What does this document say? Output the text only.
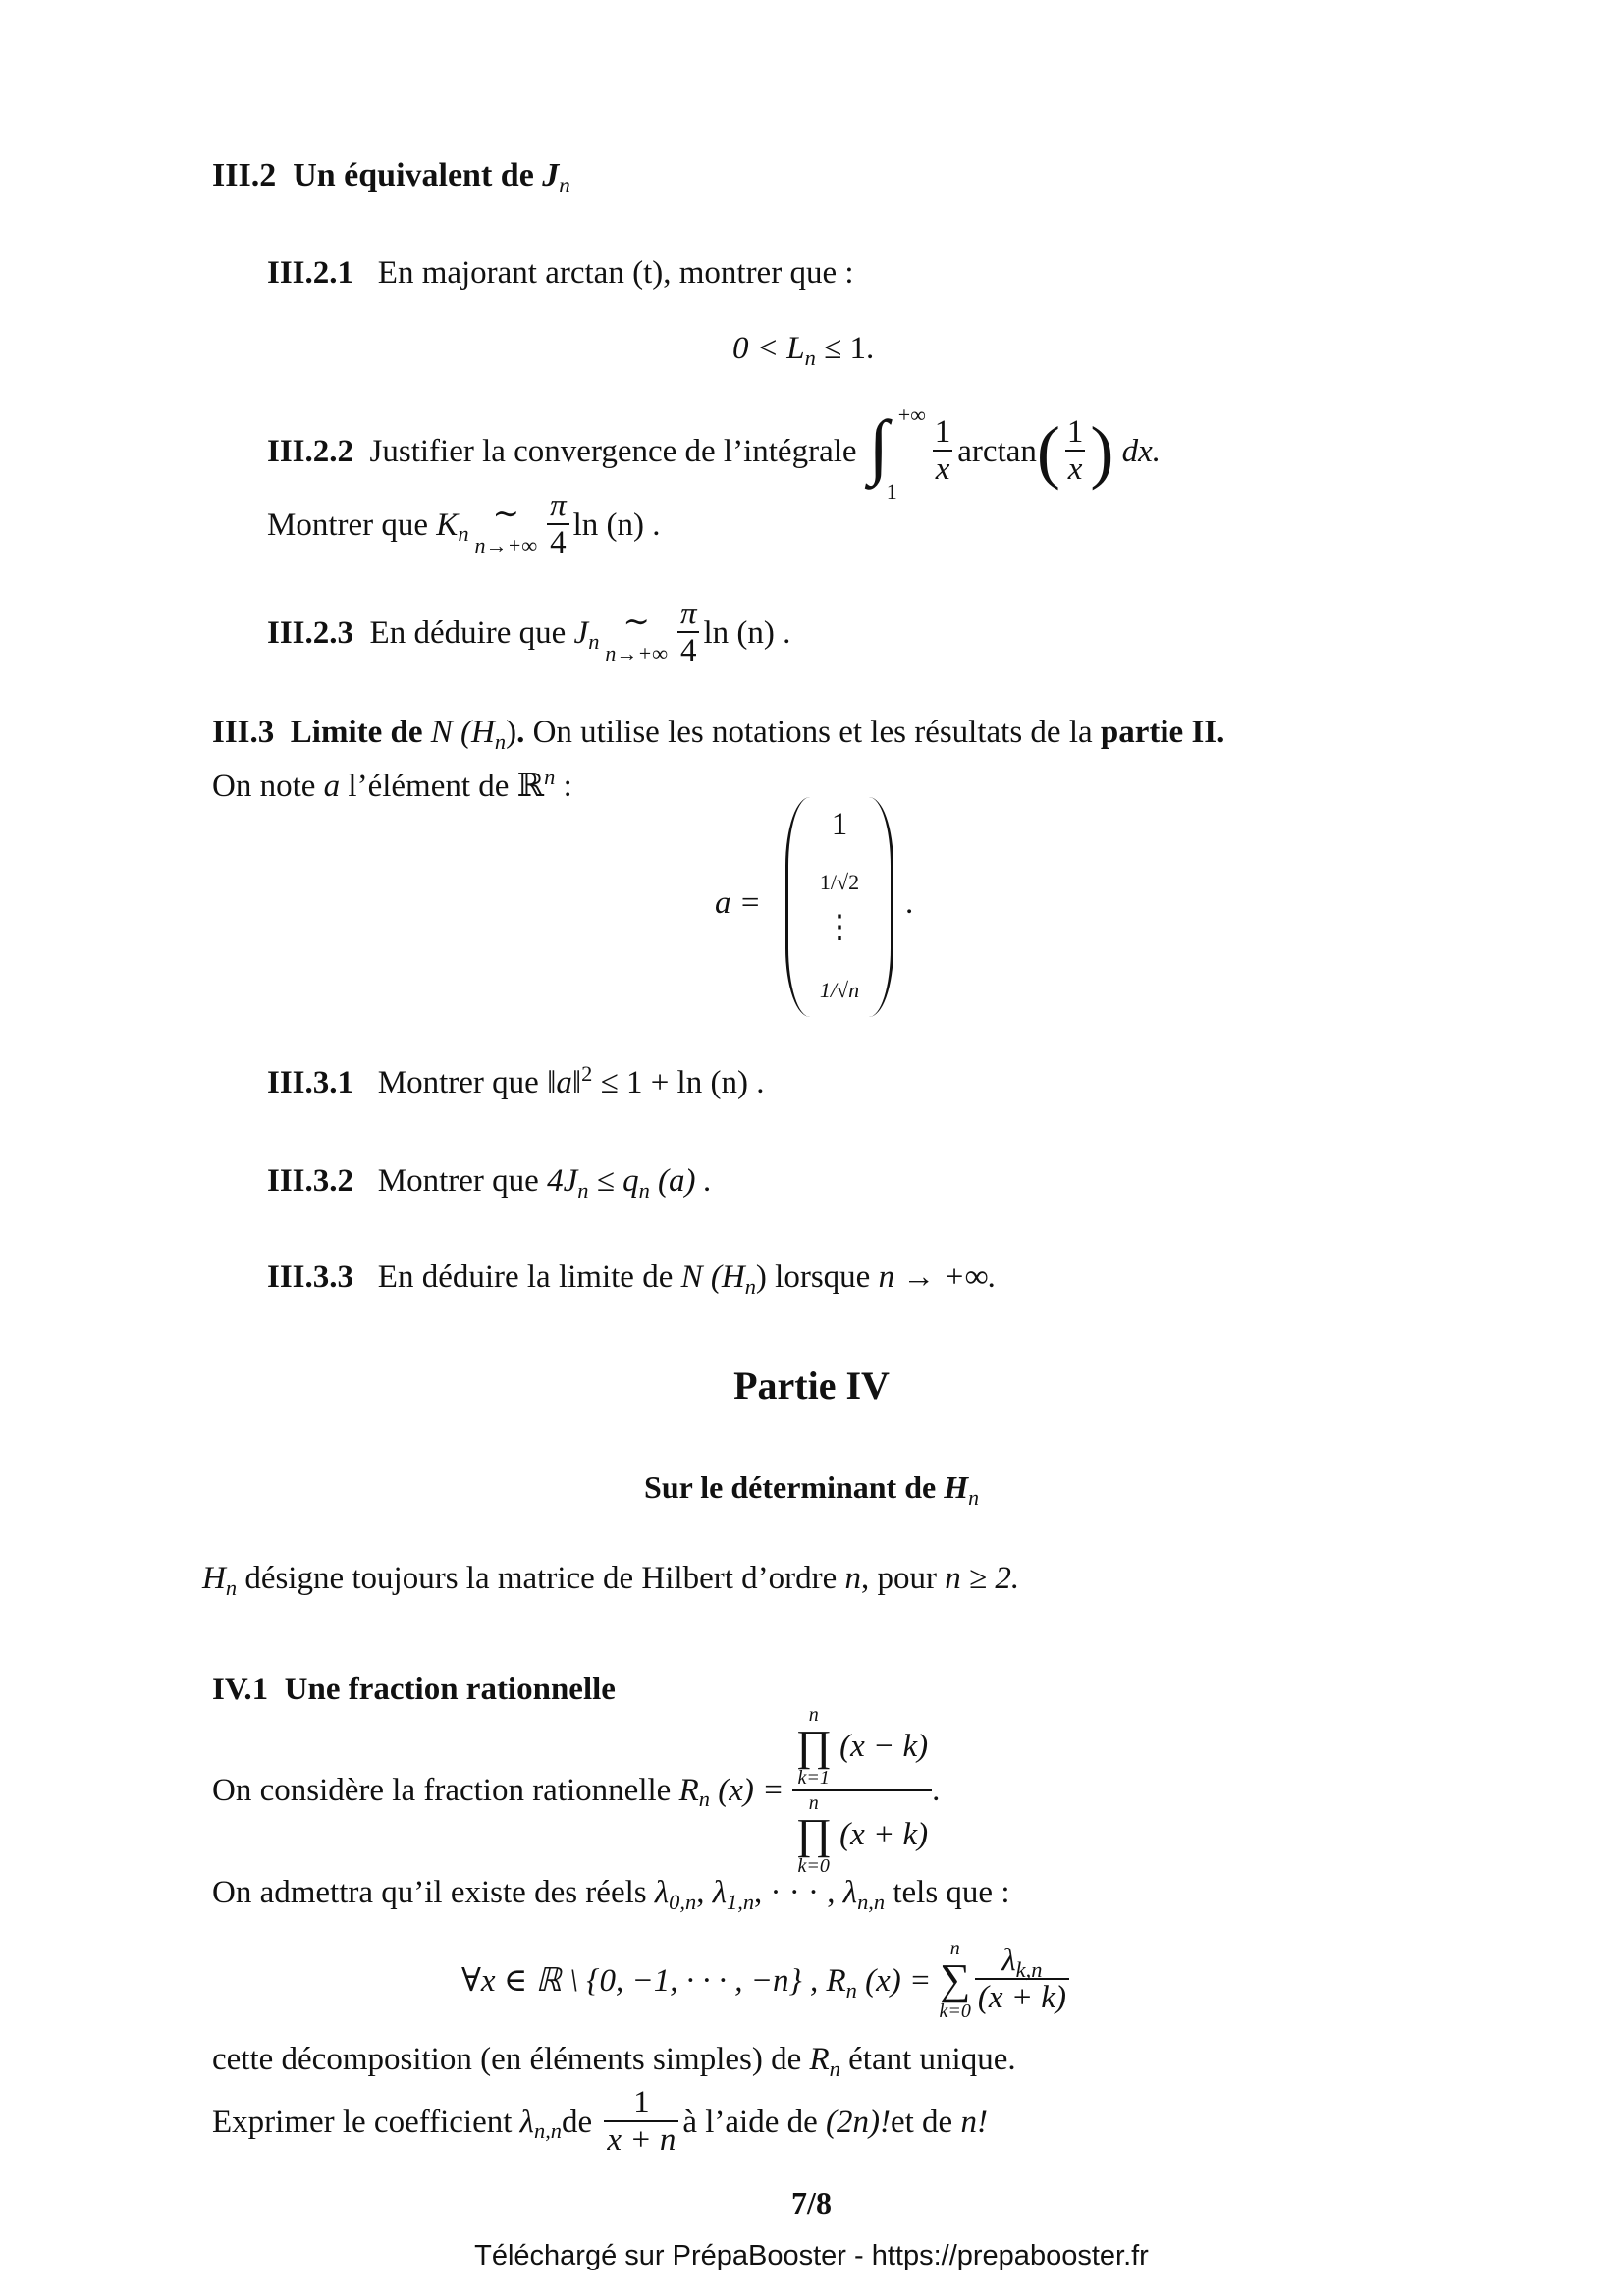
III.2 Un équivalent de $J_n$
III.2.1 En majorant arctan (t), montrer que :
$0 < L_n \le 1$.
III.2.2
Justifier la convergence de l’intégrale
∫ +∞
1
$\frac{1}{x}$ arctan ( $\frac{1}{x}$ )
dx.
Montrer que
$K_n$
∼
$n\to+\infty \frac{\pi}{4}$ ln (n) .
III.2.3
En déduire que
$J_n$
∼
$n\to+\infty \frac{\pi}{4}$ ln (n) .
III.3 Limite de N $(H_n)$. On utilise les notations et les résultats de la partie II.
On note a l’élément de ℝ$^n$ :
a =
1
1/√2
⋮
1/√n
.
III.3.1 Montrer que ‖a‖$^2$ ≤ 1 + ln (n) .
III.3.2 Montrer que $4J_n \le q_n$ (a) .
III.3.3 En déduire la limite de N $(H_n)$ lorsque n → +∞.
Partie IV
Sur le déterminant de $H_n$
$H_n$ désigne toujours la matrice de Hilbert d’ordre n, pour n ≥ 2.
IV.1 Une fraction rationnelle
On considère la fraction rationnelle
$R_n$ (x) =
n
∏
k=1

(x − k)
n
∏
k=0

(x + k) .
On admettra qu’il existe des réels $\lambda_{0,n}$, $\lambda_{1,n}$, · · · , $\lambda_{n,n}$ tels que :
∀x ∈ ℝ \ {0, −1, · · · , −n} , $R_n$ (x) =

n
∑
$k=0 \frac{\lambda_{k,n}}{(x + k)}$
cette décomposition (en éléments simples) de $R_n$ étant unique.
Exprimer le coefficient
$\lambda_{n,n}$ de
$\frac{1}{x + n}$ à l’aide de
(2n)! et de
n!
7/8
Téléchargé sur PrépaBooster - https://prepabooster.fr
